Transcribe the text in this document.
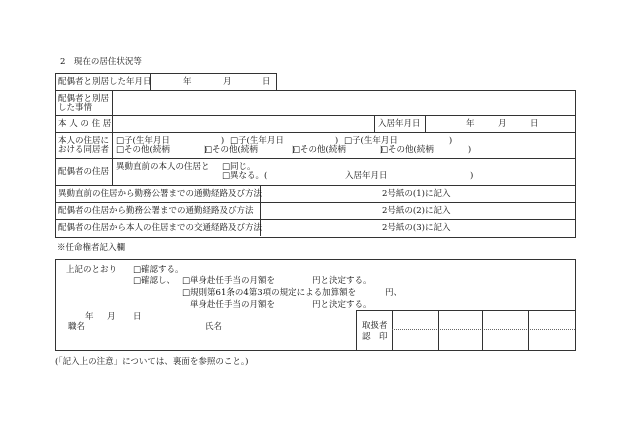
2　現在の居住状況等
配偶者と別居した年月日	年	月	日
配偶者と別居
した事情
本 人 の 住 居	入居年月日	年	月	日
本人の住居に
おける同居者
□子(生年月日　　　　　　) □子(生年月日　　　　　　) □子(生年月日　　　　　　)
□その他(続柄　　　　)
□その他(続柄　　　　)
□その他(続柄　　　　)
□その他(続柄　　　　)
配偶者の住居 異動直前の本人の住居と □同じ。
□異なる。(	入居年月日	)
異動直前の住居から勤務公署までの通勤経路及び方法	2号紙の(1)に記入
配偶者の住居から勤務公署までの通勤経路及び方法	2号紙の(2)に記入
配偶者の住居から本人の住居までの交通経路及び方法	2号紙の(3)に記入
※任命権者記入欄
上記のとおり □確認する。
□確認し、 □単身赴任手当の月額を	円と決定する。
□規則第61条の4第3項の規定による加算額を	円、
単身赴任手当の月額を	円と決定する。
年 月 日
職名	氏名	取扱者
認　印
(「記入上の注意」については、裏面を参照のこと。)
